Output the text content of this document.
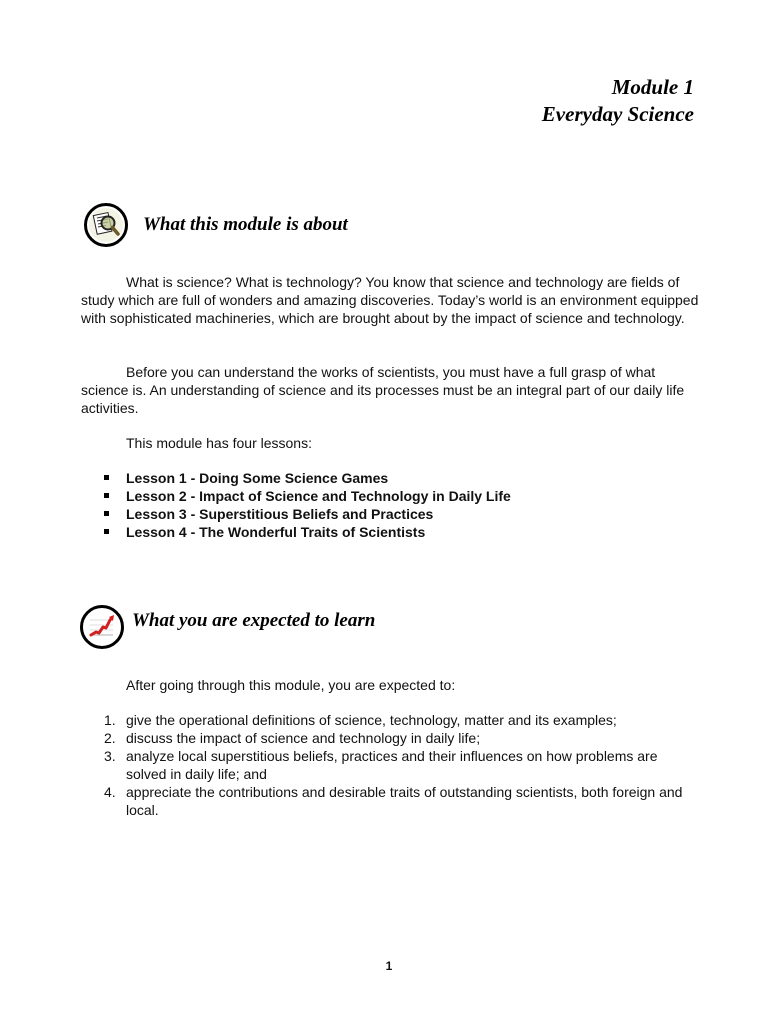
Module 1
Everyday Science
What this module is about

What is science? What is technology? You know that science and technology are fields of study which are full of wonders and amazing discoveries. Today’s world is an environment equipped with sophisticated machineries, which are brought about by the impact of science and technology.

Before you can understand the works of scientists, you must have a full grasp of what science is. An understanding of science and its processes must be an integral part of our daily life activities.

This module has four lessons:

Lesson 1 - Doing Some Science Games
Lesson 2 - Impact of Science and Technology in Daily Life
Lesson 3 - Superstitious Beliefs and Practices
Lesson 4 - The Wonderful Traits of Scientists
What you are expected to learn

After going through this module, you are expected to:

1. give the operational definitions of science, technology, matter and its examples;
2. discuss the impact of science and technology in daily life;
3. analyze local superstitious beliefs, practices and their influences on how problems are solved in daily life; and
4. appreciate the contributions and desirable traits of outstanding scientists, both foreign and local.
1
